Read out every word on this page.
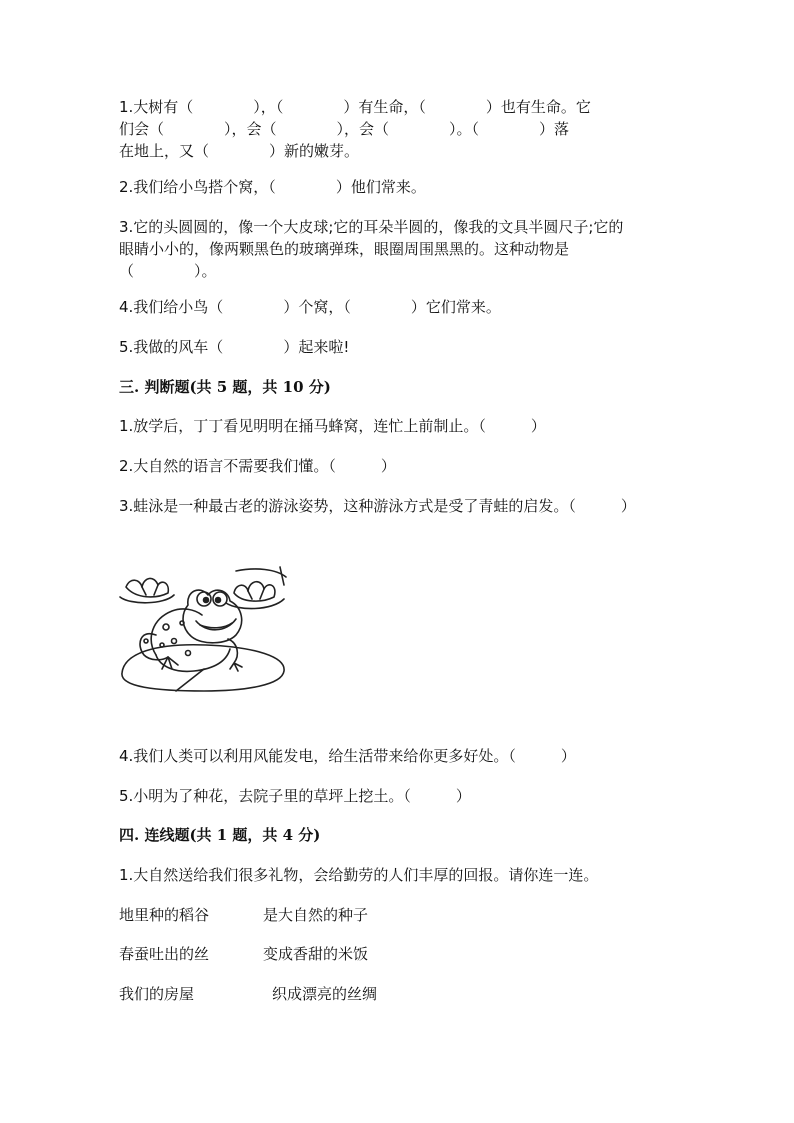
1.大树有（　　　　），（　　　　）有生命，（　　　　）也有生命。它
们会（　　　　），会（　　　　），会（　　　　）。（　　　　）落
在地上，又（　　　　）新的嫩芽。
2.我们给小鸟搭个窝，（　　　　）他们常来。
3.它的头圆圆的，像一个大皮球;它的耳朵半圆的，像我的文具半圆尺子;它的
眼睛小小的，像两颗黑色的玻璃弹珠，眼圈周围黑黑的。这种动物是
（　　　　）。
4.我们给小鸟（　　　　）个窝，（　　　　）它们常来。
5.我做的风车（　　　　）起来啦!
三. 判断题(共 5 题，共 10 分)
1.放学后，丁丁看见明明在捅马蜂窝，连忙上前制止。（　　　）
2.大自然的语言不需要我们懂。（　　　）
3.蛙泳是一种最古老的游泳姿势，这种游泳方式是受了青蛙的启发。（　　　）
4.我们人类可以利用风能发电，给生活带来给你更多好处。（　　　）
5.小明为了种花，去院子里的草坪上挖土。（　　　）
四. 连线题(共 1 题，共 4 分)
1.大自然送给我们很多礼物，会给勤劳的人们丰厚的回报。请你连一连。
地里种的稻谷	是大自然的种子
春蚕吐出的丝	变成香甜的米饭
我们的房屋	织成漂亮的丝绸
